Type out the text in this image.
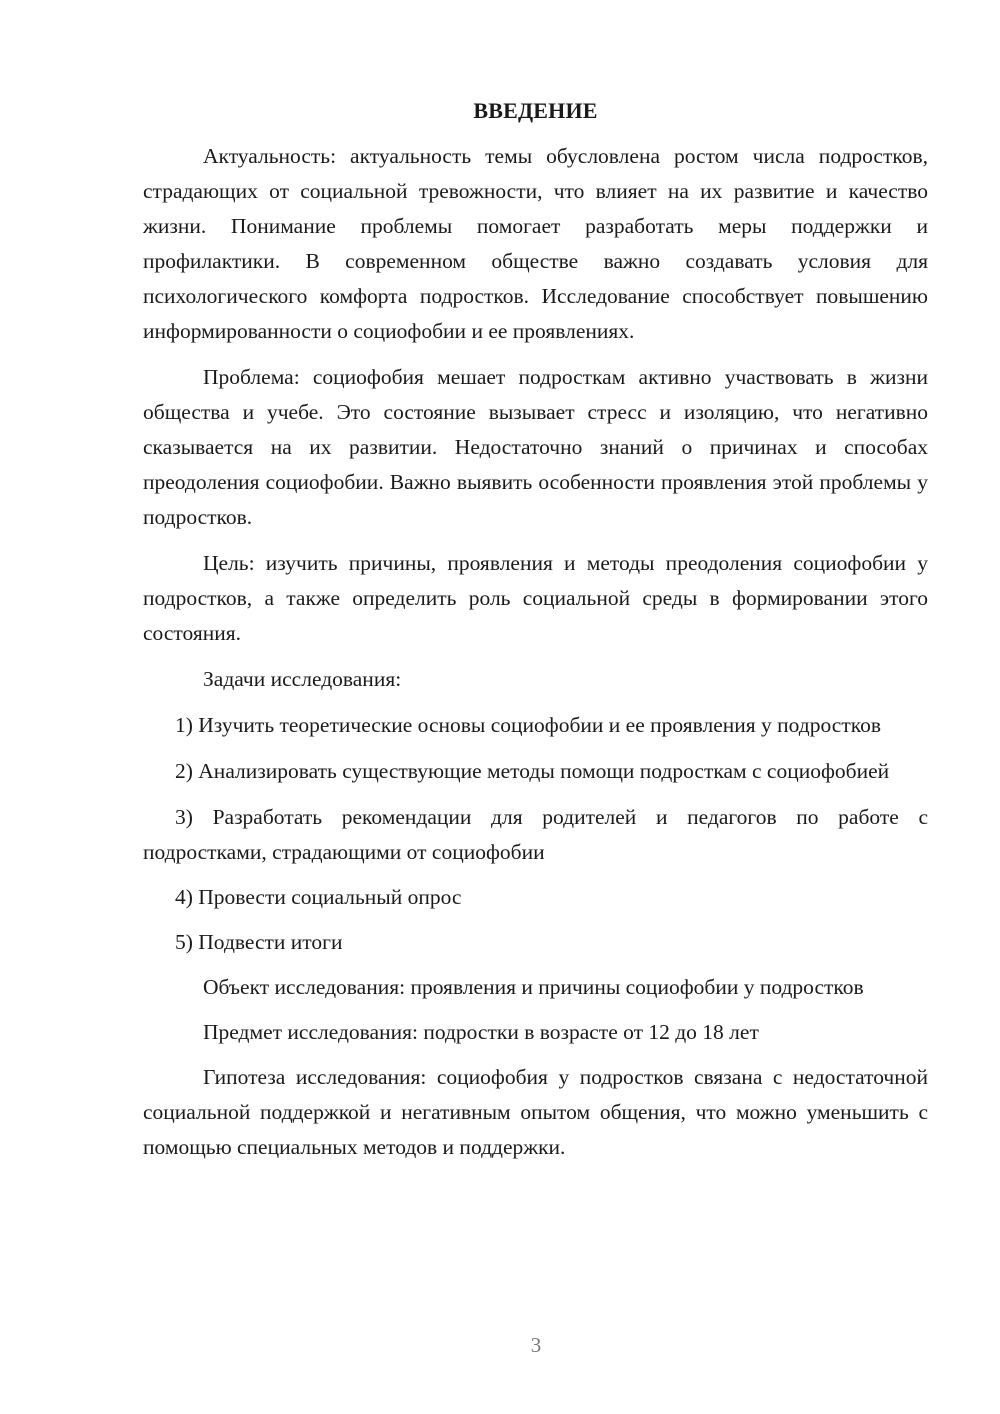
ВВЕДЕНИЕ

Актуальность: актуальность темы обусловлена ростом числа подростков, страдающих от социальной тревожности, что влияет на их развитие и качество жизни. Понимание проблемы помогает разработать меры поддержки и профилактики. В современном обществе важно создавать условия для психологического комфорта подростков. Исследование способствует повышению информированности о социофобии и ее проявлениях.

Проблема: социофобия мешает подросткам активно участвовать в жизни общества и учебе. Это состояние вызывает стресс и изоляцию, что негативно сказывается на их развитии. Недостаточно знаний о причинах и способах преодоления социофобии. Важно выявить особенности проявления этой проблемы у подростков.

Цель: изучить причины, проявления и методы преодоления социофобии у подростков, а также определить роль социальной среды в формировании этого состояния.

Задачи исследования:

1) Изучить теоретические основы социофобии и ее проявления у подростков

2) Анализировать существующие методы помощи подросткам с социофобией

3) Разработать рекомендации для родителей и педагогов по работе с подростками, страдающими от социофобии

4) Провести социальный опрос

5) Подвести итоги

Объект исследования: проявления и причины социофобии у подростков

Предмет исследования: подростки в возрасте от 12 до 18 лет

Гипотеза исследования: социофобия у подростков связана с недостаточной социальной поддержкой и негативным опытом общения, что можно уменьшить с помощью специальных методов и поддержки.

3
